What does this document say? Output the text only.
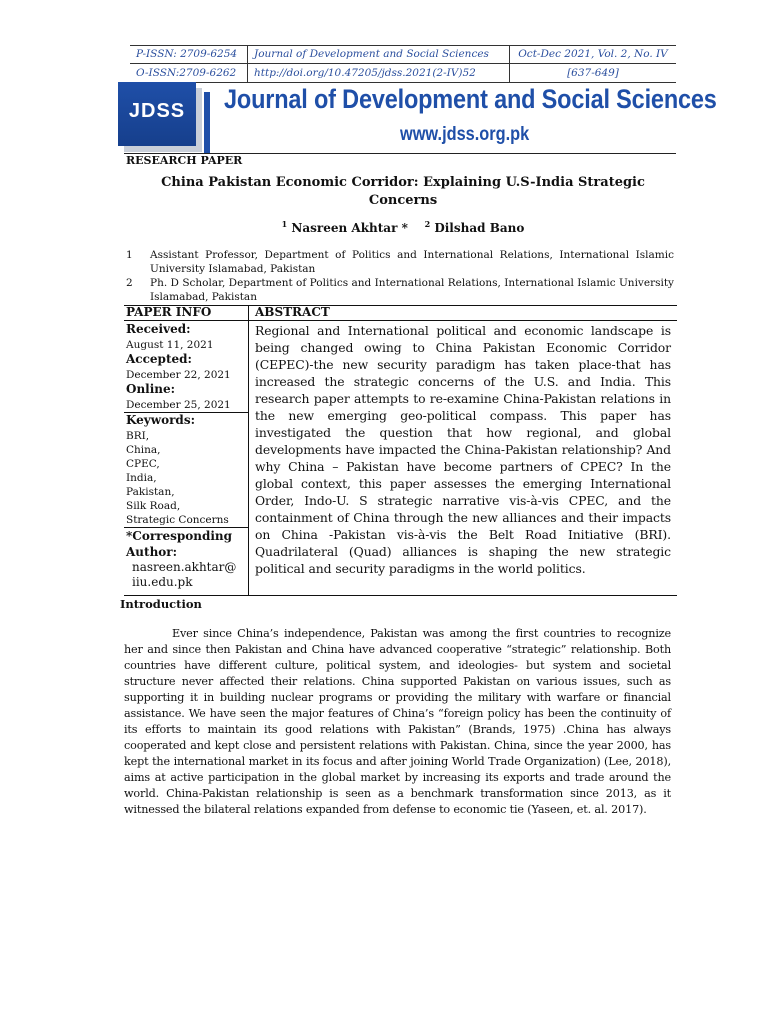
P-ISSN: 2709-6254	Journal of Development and Social Sciences	Oct-Dec 2021, Vol. 2, No. IV
O-ISSN:2709-6262	http://doi.org/10.47205/jdss.2021(2-IV)52	[637-649]
JDSS	Journal of Development and Social Sciences
www.jdss.org.pk
RESEARCH PAPER
China Pakistan Economic Corridor: Explaining U.S-India Strategic Concerns
$^1$ Nasreen Akhtar * $^2$ Dilshad Bano
1 Assistant Professor, Department of Politics and International Relations, International Islamic University Islamabad, Pakistan
2 Ph. D Scholar, Department of Politics and International Relations, International Islamic University Islamabad, Pakistan
PAPER INFO	ABSTRACT
Received:
August 11, 2021
Accepted:
December 22, 2021
Online:
December 25, 2021
Keywords:
BRI,
China,
CPEC,
India,
Pakistan,
Silk Road,
Strategic Concerns
*Corresponding
Author:
nasreen.akhtar@
iiu.edu.pk
Regional and International political and economic landscape is being changed owing to China Pakistan Economic Corridor (CEPEC)-the new security paradigm has taken place-that has increased the strategic concerns of the U.S. and India. This research paper attempts to re-examine China-Pakistan relations in the new emerging geo-political compass. This paper has investigated the question that how regional, and global developments have impacted the China-Pakistan relationship? And why China – Pakistan have become partners of CPEC? In the global context, this paper assesses the emerging International Order, Indo-U. S strategic narrative vis-à-vis CPEC, and the containment of China through the new alliances and their impacts on China -Pakistan vis-à-vis the Belt Road Initiative (BRI). Quadrilateral (Quad) alliances is shaping the new strategic political and security paradigms in the world politics.
Introduction
Ever since China’s independence, Pakistan was among the first countries to recognize her and since then Pakistan and China have advanced cooperative “strategic” relationship. Both countries have different culture, political system, and ideologies- but system and societal structure never affected their relations. China supported Pakistan on various issues, such as supporting it in building nuclear programs or providing the military with warfare or financial assistance. We have seen the major features of China’s “foreign policy has been the continuity of its efforts to maintain its good relations with Pakistan” (Brands, 1975) .China has always cooperated and kept close and persistent relations with Pakistan. China, since the year 2000, has kept the international market in its focus and after joining World Trade Organization) (Lee, 2018), aims at active participation in the global market by increasing its exports and trade around the world. China-Pakistan relationship is seen as a benchmark transformation since 2013, as it witnessed the bilateral relations expanded from defense to economic tie (Yaseen, et. al. 2017).
